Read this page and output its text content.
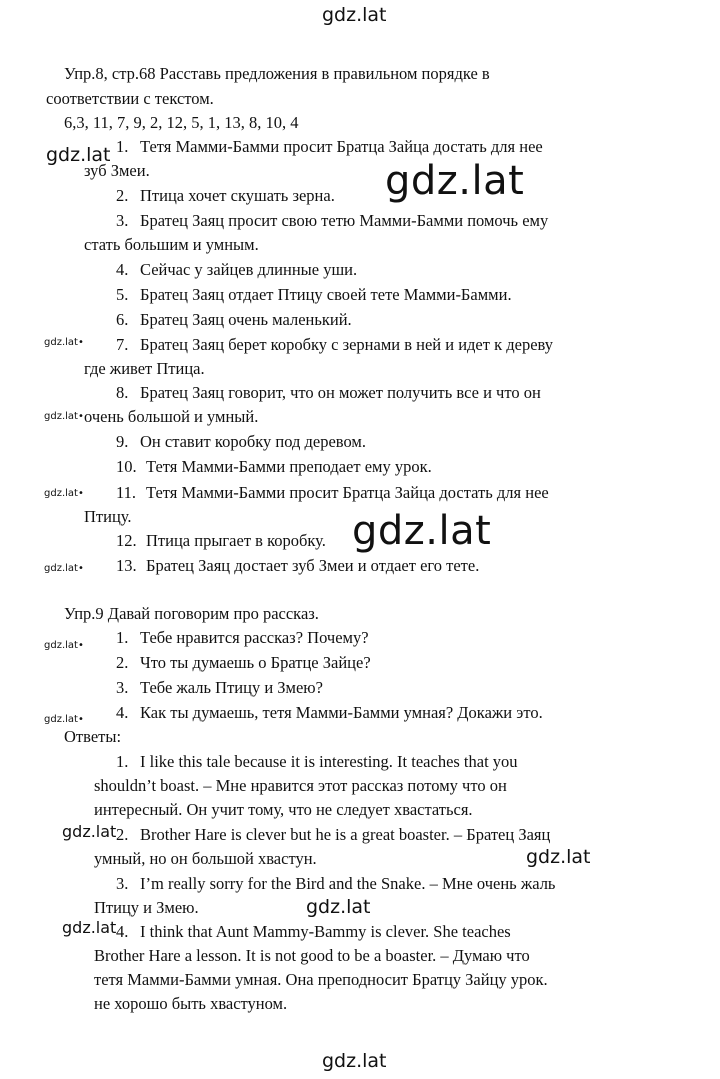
gdz.lat
gdz.lat
gdz.lat
gdz.lat•
gdz.lat•
gdz.lat•
gdz.lat
gdz.lat•
gdz.lat•
gdz.lat•
gdz.lat
gdz.lat
gdz.lat
gdz.lat
gdz.lat
Упр.8, стр.68 Расставь предложения в правильном порядке в
соответствии с текстом.
6,3, 11, 7, 9, 2, 12, 5, 1, 13, 8, 10, 4
1. Тетя Мамми-Бамми просит Братца Зайца достать для нее
зуб Змеи.
2. Птица хочет скушать зерна.
3. Братец Заяц просит свою тетю Мамми-Бамми помочь ему
стать большим и умным.
4. Сейчас у зайцев длинные уши.
5. Братец Заяц отдает Птицу своей тете Мамми-Бамми.
6. Братец Заяц очень маленький.
7. Братец Заяц берет коробку с зернами в ней и идет к дереву
где живет Птица.
8. Братец Заяц говорит, что он может получить все и что он
очень большой и умный.
9. Он ставит коробку под деревом.
10. Тетя Мамми-Бамми преподает ему урок.
11. Тетя Мамми-Бамми просит Братца Зайца достать для нее
Птицу.
12. Птица прыгает в коробку.
13. Братец Заяц достает зуб Змеи и отдает его тете.
Упр.9 Давай поговорим про рассказ.
1. Тебе нравится рассказ? Почему?
2. Что ты думаешь о Братце Зайце?
3. Тебе жаль Птицу и Змею?
4. Как ты думаешь, тетя Мамми-Бамми умная? Докажи это.
Ответы:
1. I like this tale because it is interesting. It teaches that you
shouldn’t boast. – Мне нравится этот рассказ потому что он
интересный. Он учит тому, что не следует хвастаться.
2. Brother Hare is clever but he is a great boaster. – Братец Заяц
умный, но он большой хвастун.
3. I’m really sorry for the Bird and the Snake. – Мне очень жаль
Птицу и Змею.
4. I think that Aunt Mammy-Bammy is clever. She teaches
Brother Hare a lesson. It is not good to be a boaster. – Думаю что
тетя Мамми-Бамми умная. Она преподносит Братцу Зайцу урок.
не хорошо быть хвастуном.
